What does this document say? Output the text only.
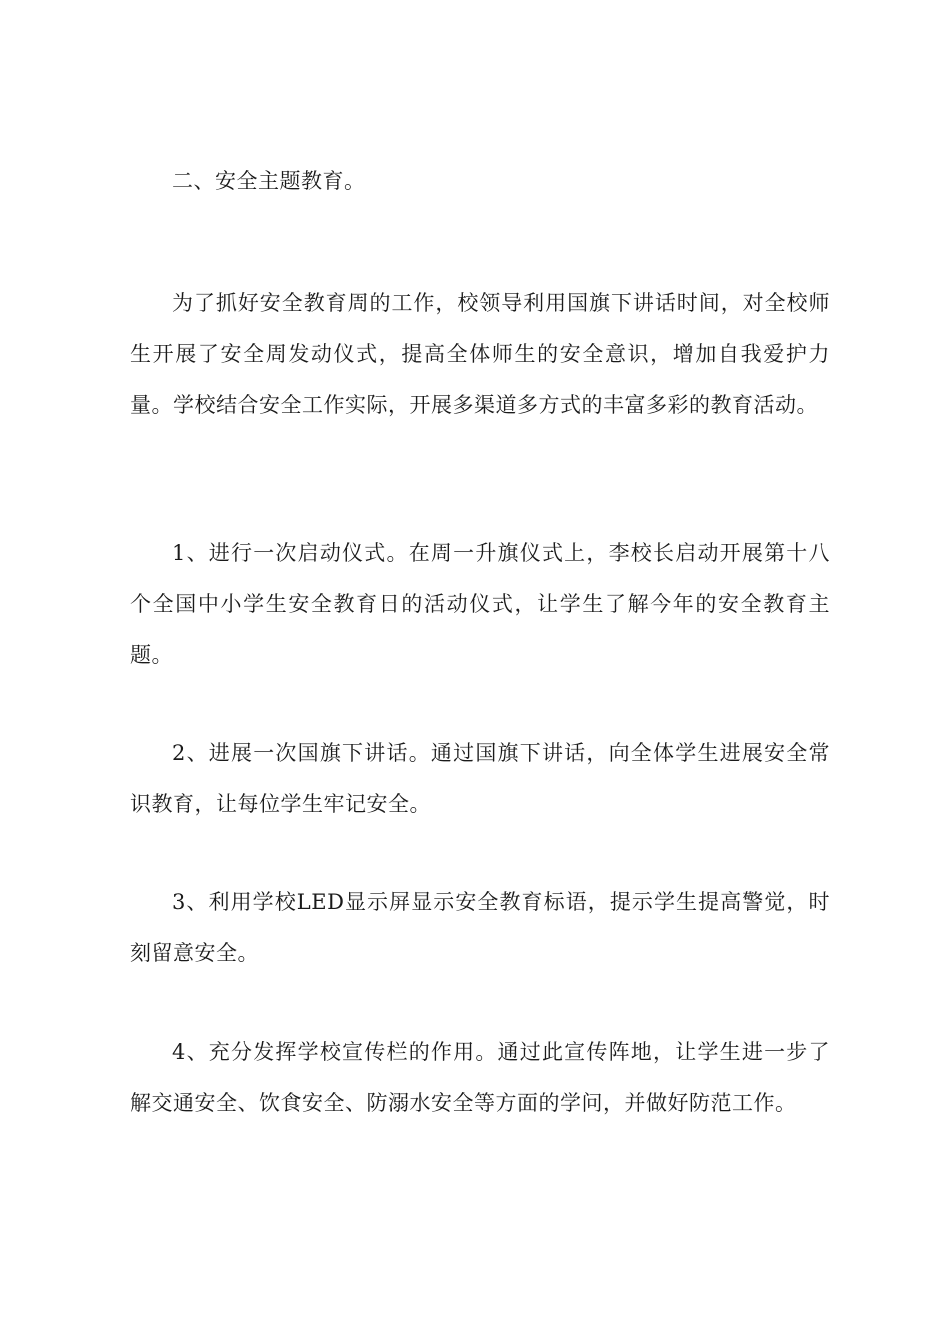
二、安全主题教育。

为了抓好安全教育周的工作，校领导利用国旗下讲话时间，对全校师生开展了安全周发动仪式，提高全体师生的安全意识，增加自我爱护力量。学校结合安全工作实际，开展多渠道多方式的丰富多彩的教育活动。

1、进行一次启动仪式。在周一升旗仪式上，李校长启动开展第十八个全国中小学生安全教育日的活动仪式，让学生了解今年的安全教育主题。

2、进展一次国旗下讲话。通过国旗下讲话，向全体学生进展安全常识教育，让每位学生牢记安全。

3、利用学校LED显示屏显示安全教育标语，提示学生提高警觉，时刻留意安全。

4、充分发挥学校宣传栏的作用。通过此宣传阵地，让学生进一步了解交通安全、饮食安全、防溺水安全等方面的学问，并做好防范工作。
